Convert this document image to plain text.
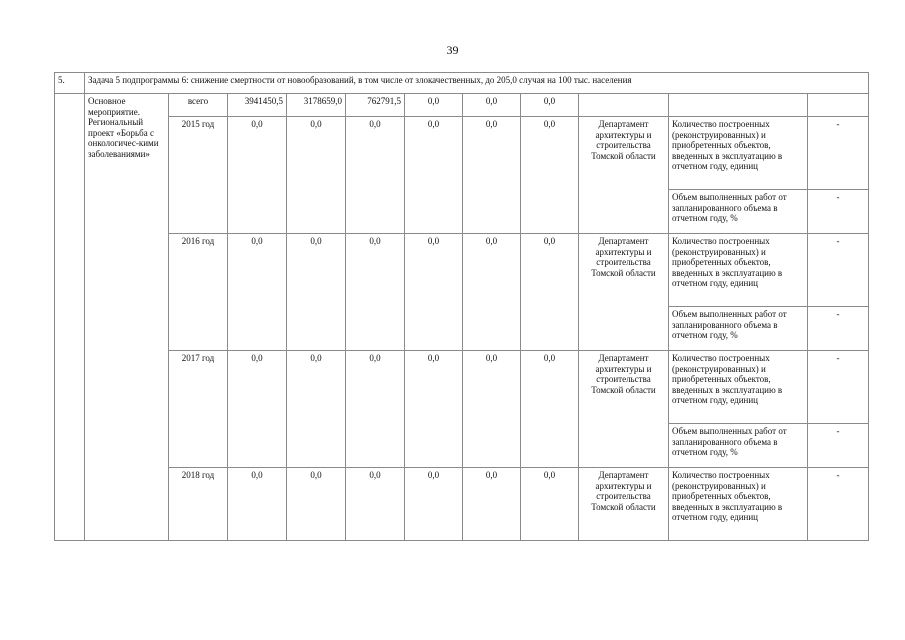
39
5.	Задача 5 подпрограммы 6: снижение смертности от новообразований, в том числе от злокачественных, до 205,0 случая на 100 тыс. населения										
	Основное мероприятие. Региональный проект «Борьба с онкологичес-кими заболеваниями»	всего	3941450,5	3178659,0	762791,5	0,0	0,0	0,0			
		2015 год	0,0	0,0	0,0	0,0	0,0	0,0	Департамент архитектуры и строительства Томской области	Количество построенных (реконструированных) и приобретенных объектов, введенных в эксплуатацию в отчетном году, единиц	-
										Объем выполненных работ от запланированного объема в отчетном году, %	-
		2016 год	0,0	0,0	0,0	0,0	0,0	0,0	Департамент архитектуры и строительства Томской области	Количество построенных (реконструированных) и приобретенных объектов, введенных в эксплуатацию в отчетном году, единиц	-
										Объем выполненных работ от запланированного объема в отчетном году, %	-
		2017 год	0,0	0,0	0,0	0,0	0,0	0,0	Департамент архитектуры и строительства Томской области	Количество построенных (реконструированных) и приобретенных объектов, введенных в эксплуатацию в отчетном году, единиц	-
										Объем выполненных работ от запланированного объема в отчетном году, %	-
		2018 год	0,0	0,0	0,0	0,0	0,0	0,0	Департамент архитектуры и строительства Томской области	Количество построенных (реконструированных) и приобретенных объектов, введенных в эксплуатацию в отчетном году, единиц	-
